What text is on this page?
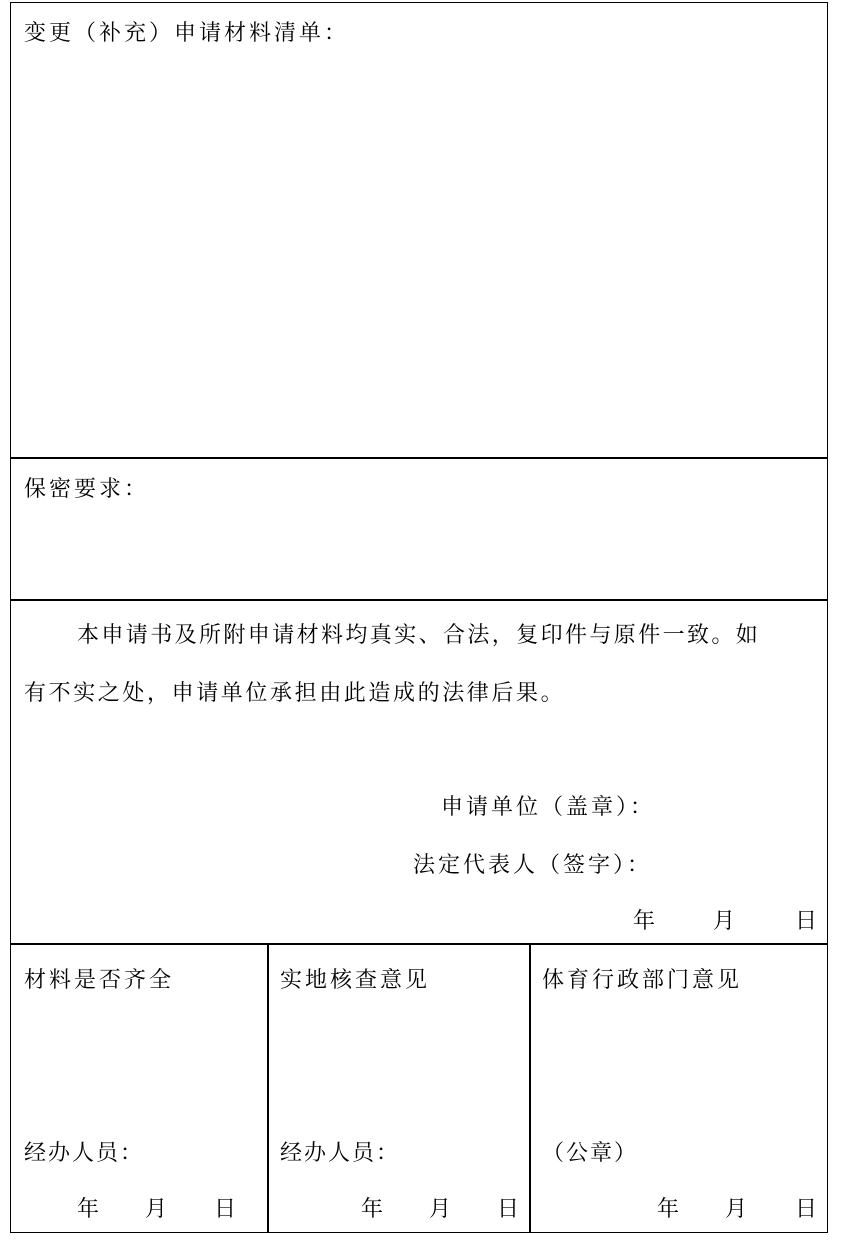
变更（补充）申请材料清单：
保密要求：
本申请书及所附申请材料均真实、合法，复印件与原件一致。如
有不实之处，申请单位承担由此造成的法律后果。
申请单位（盖章）：
法定代表人（签字）：
年	月	日
材料是否齐全
经办人员：
年 月 日
实地核查意见
经办人员：
年 月 日
体育行政部门意见
（公章）
年 月 日
